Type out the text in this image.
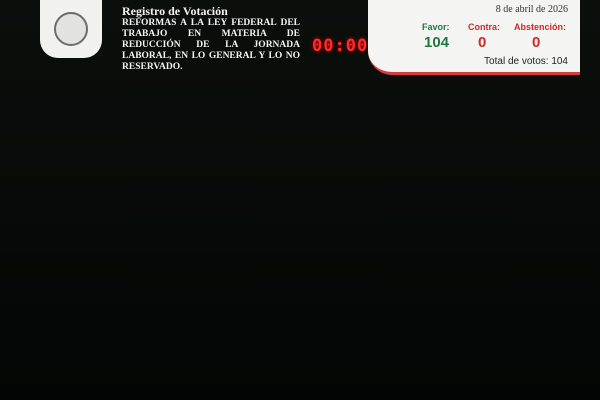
Registro de Votación
REFORMAS A LA LEY FEDERAL DEL TRABAJO EN MATERIA DE REDUCCIÓN DE LA JORNADA LABORAL, EN LO GENERAL Y LO NO RESERVADO.
00:00
8 de abril de 2026
Favor: Contra: Abstención:
104 0	0
Total de votos: 104
